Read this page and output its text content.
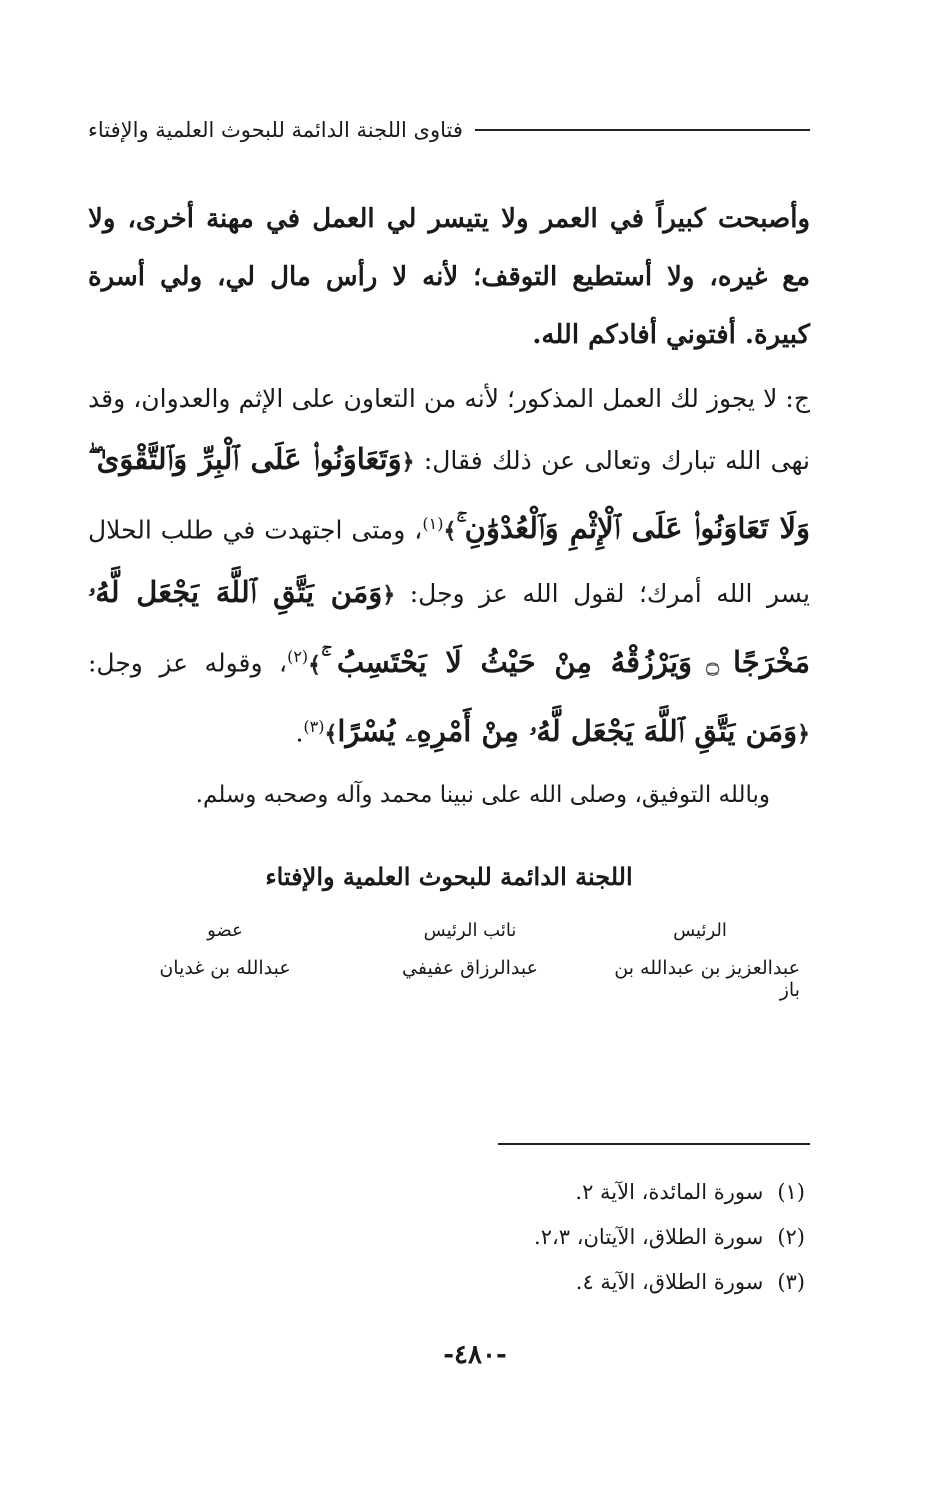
فتاوى اللجنة الدائمة للبحوث العلمية والإفتاء

وأصبحت كبيراً في العمر ولا يتيسر لي العمل في مهنة أخرى، ولا مع غيره، ولا أستطيع التوقف؛ لأنه لا رأس مال لي، ولي أسرة كبيرة. أفتوني أفادكم الله.

ج: لا يجوز لك العمل المذكور؛ لأنه من التعاون على الإثم والعدوان، وقد نهى الله تبارك وتعالى عن ذلك فقال: ﴿وَتَعَاوَنُوا۟ عَلَى ٱلْبِرِّ وَٱلتَّقْوَىٰ ۖ وَلَا تَعَاوَنُوا۟ عَلَى ٱلْإِثْمِ وَٱلْعُدْوَٰنِ ۚ﴾$^{(١)}$، ومتى اجتهدت في طلب الحلال يسر الله أمرك؛ لقول الله عز وجل: ﴿وَمَن يَتَّقِ ٱللَّهَ يَجْعَل لَّهُۥ مَخْرَجًا۝وَيَرْزُقْهُ مِنْ حَيْثُ لَا يَحْتَسِبُ ۚ﴾$^{(٢)}$، وقوله عز وجل: ﴿وَمَن يَتَّقِ ٱللَّهَ يَجْعَل لَّهُۥ مِنْ أَمْرِهِۦ يُسْرًا﴾$^{(٣)}$.

وبالله التوفيق، وصلى الله على نبينا محمد وآله وصحبه وسلم.

اللجنة الدائمة للبحوث العلمية والإفتاء
الرئيس
عبدالعزيز بن عبدالله بن باز
نائب الرئيس
عبدالرزاق عفيفي
عضو
عبدالله بن غديان
(١)
سورة المائدة، الآية ٢.
(٢)
سورة الطلاق، الآيتان، ٢،٣.
(٣)
سورة الطلاق، الآية ٤.
-٤٨٠-
